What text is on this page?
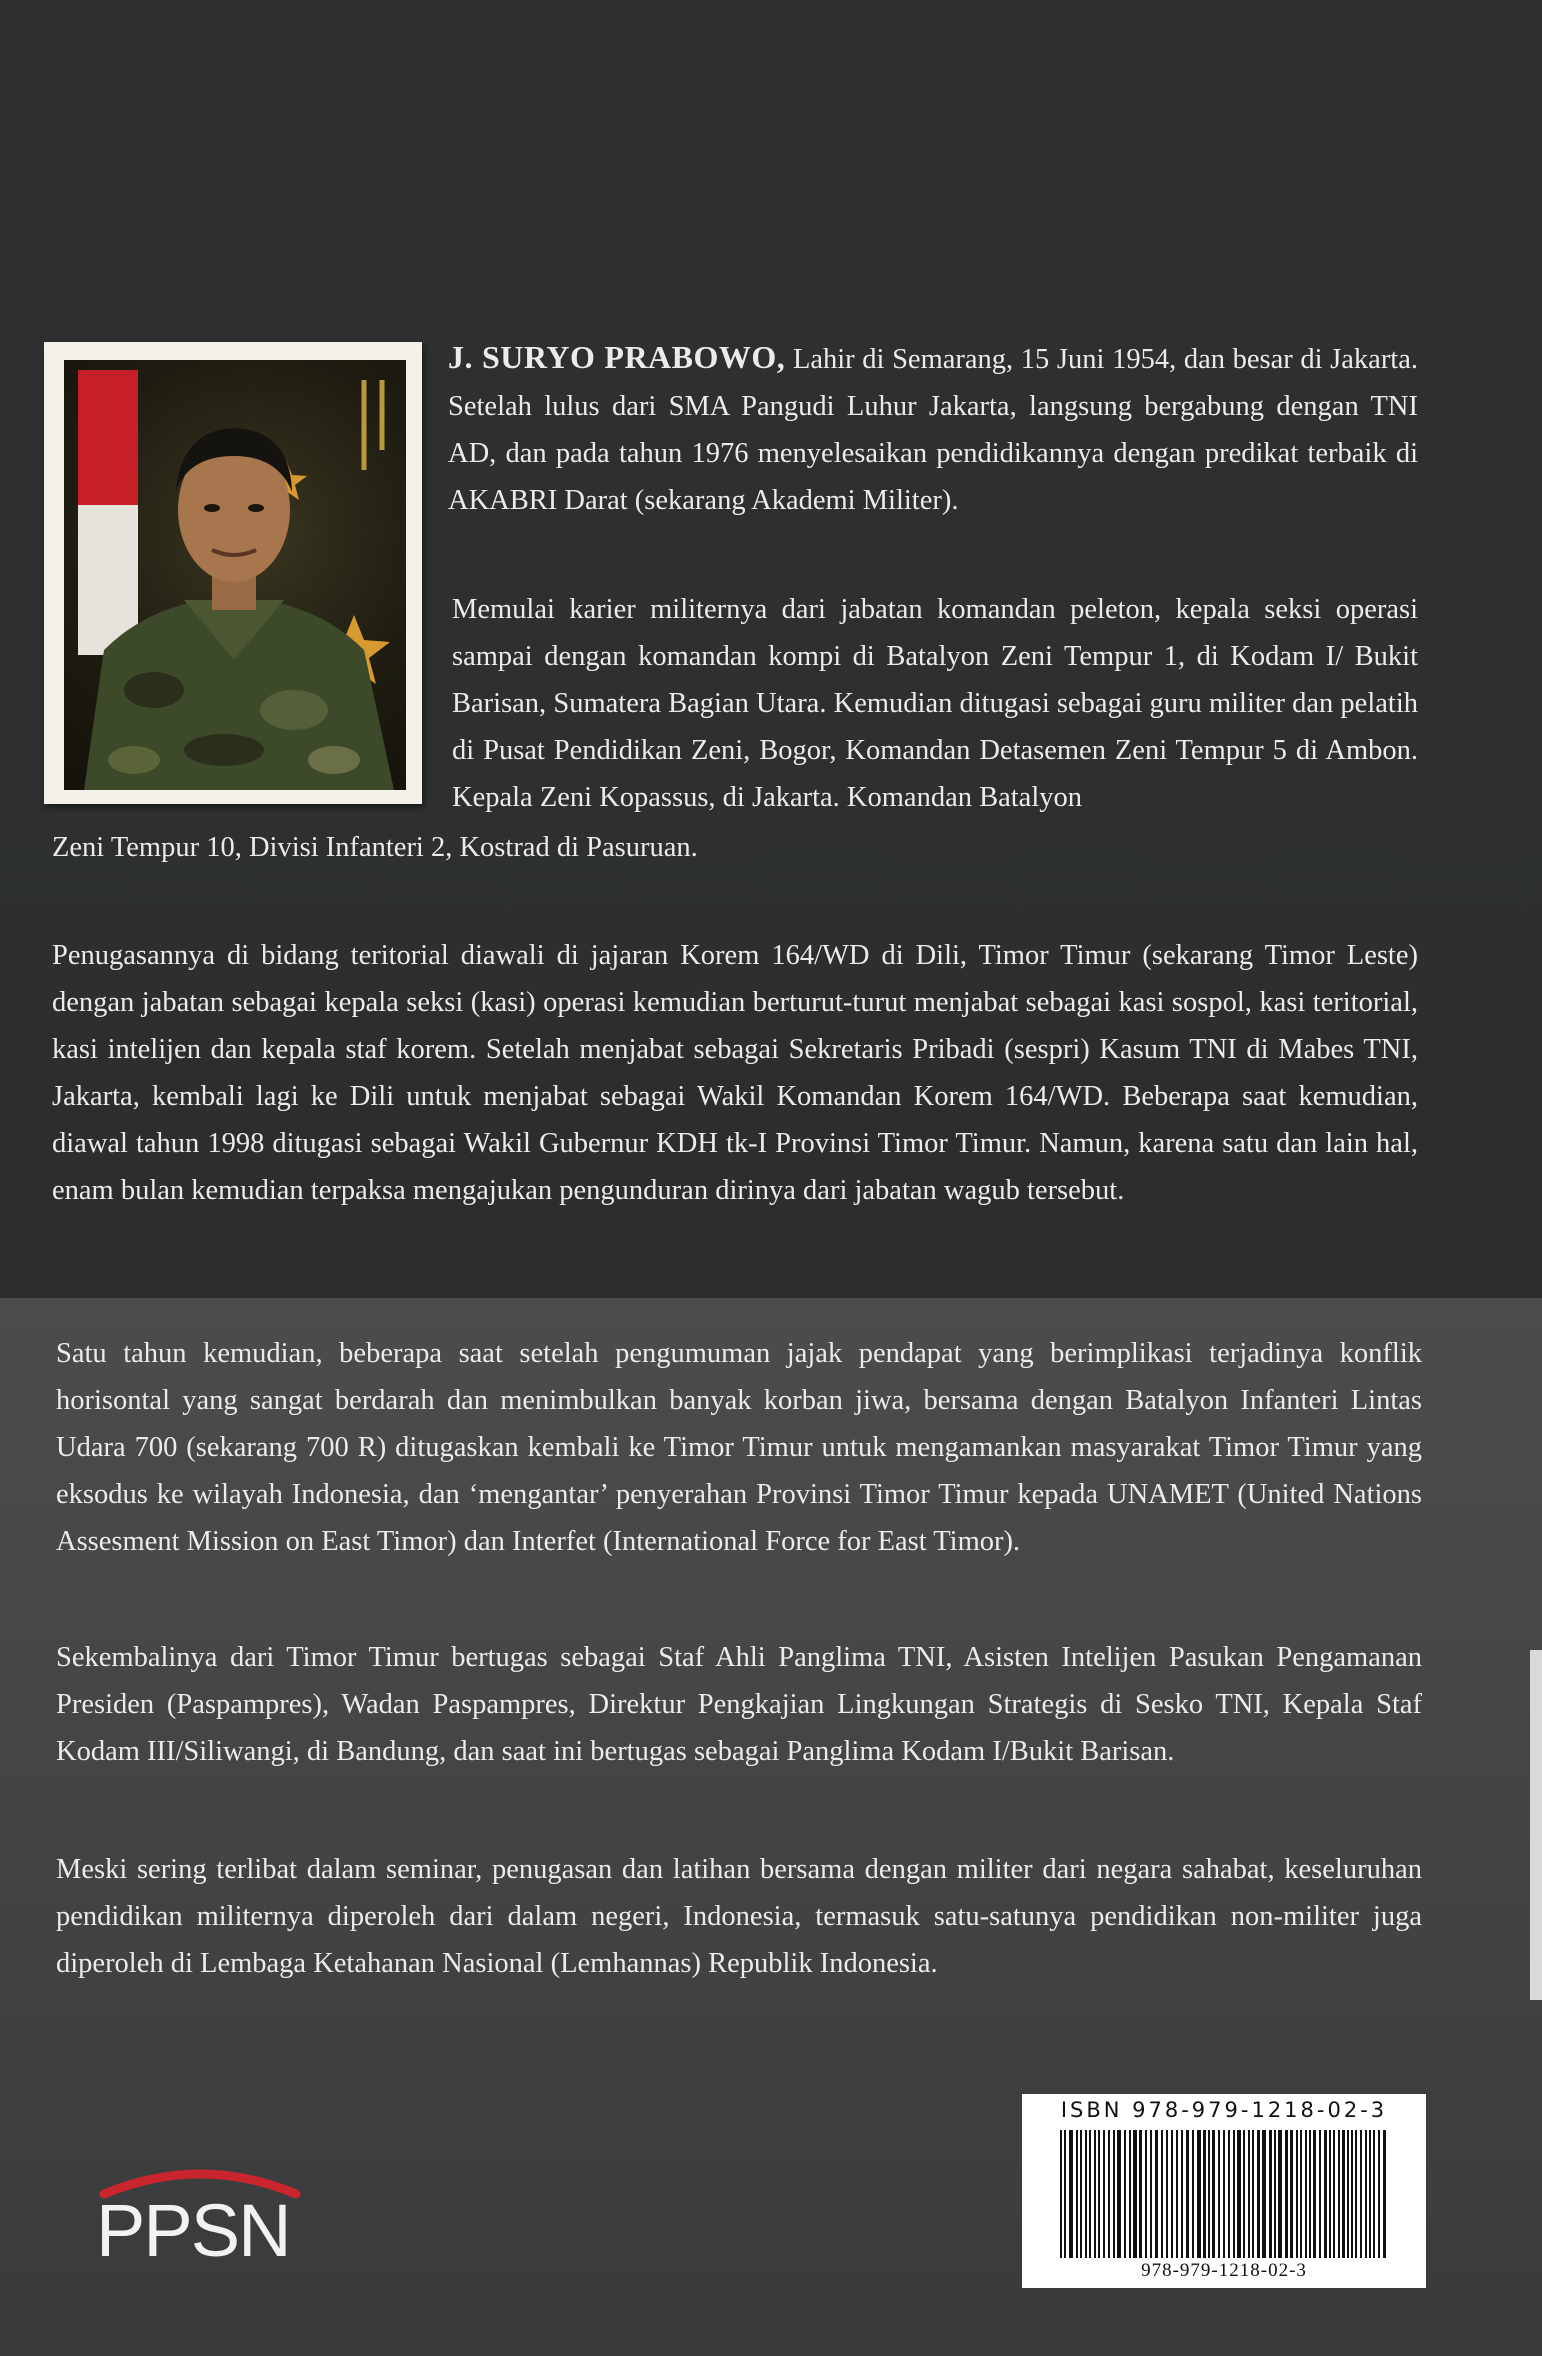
J. SURYO PRABOWO, Lahir di Semarang, 15 Juni 1954, dan besar di Jakarta. Setelah lulus dari SMA Pangudi Luhur Jakarta, langsung bergabung dengan TNI AD, dan pada tahun 1976 menyelesaikan pendidikannya dengan predikat terbaik di AKABRI Darat (sekarang Akademi Militer).

Memulai karier militernya dari jabatan komandan peleton, kepala seksi operasi sampai dengan komandan kompi di Batalyon Zeni Tempur 1, di Kodam I/ Bukit Barisan, Sumatera Bagian Utara. Kemudian ditugasi sebagai guru militer dan pelatih di Pusat Pendidikan Zeni, Bogor, Komandan Detasemen Zeni Tempur 5 di Ambon. Kepala Zeni Kopassus, di Jakarta. Komandan Batalyon

Zeni Tempur 10, Divisi Infanteri 2, Kostrad di Pasuruan.

Penugasannya di bidang teritorial diawali di jajaran Korem 164/WD di Dili, Timor Timur (sekarang Timor Leste) dengan jabatan sebagai kepala seksi (kasi) operasi kemudian berturut-turut menjabat sebagai kasi sospol, kasi teritorial, kasi intelijen dan kepala staf korem. Setelah menjabat sebagai Sekretaris Pribadi (sespri) Kasum TNI di Mabes TNI, Jakarta, kembali lagi ke Dili untuk menjabat sebagai Wakil Komandan Korem 164/WD. Beberapa saat kemudian, diawal tahun 1998 ditugasi sebagai Wakil Gubernur KDH tk-I Provinsi Timor Timur. Namun, karena satu dan lain hal, enam bulan kemudian terpaksa mengajukan pengunduran dirinya dari jabatan wagub tersebut.

Satu tahun kemudian, beberapa saat setelah pengumuman jajak pendapat yang berimplikasi terjadinya konflik horisontal yang sangat berdarah dan menimbulkan banyak korban jiwa, bersama dengan Batalyon Infanteri Lintas Udara 700 (sekarang 700 R) ditugaskan kembali ke Timor Timur untuk mengamankan masyarakat Timor Timur yang eksodus ke wilayah Indonesia, dan ‘mengantar’ penyerahan Provinsi Timor Timur kepada UNAMET (United Nations Assesment Mission on East Timor) dan Interfet (International Force for East Timor).

Sekembalinya dari Timor Timur bertugas sebagai Staf Ahli Panglima TNI, Asisten Intelijen Pasukan Pengamanan Presiden (Paspampres), Wadan Paspampres, Direktur Pengkajian Lingkungan Strategis di Sesko TNI, Kepala Staf Kodam III/Siliwangi, di Bandung, dan saat ini bertugas sebagai Panglima Kodam I/Bukit Barisan.

Meski sering terlibat dalam seminar, penugasan dan latihan bersama dengan militer dari negara sahabat, keseluruhan pendidikan militernya diperoleh dari dalam negeri, Indonesia, termasuk satu-satunya pendidikan non-militer juga diperoleh di Lembaga Ketahanan Nasional (Lemhannas) Republik Indonesia.

PPSN
ISBN 978-979-1218-02-3
978-979-1218-02-3
